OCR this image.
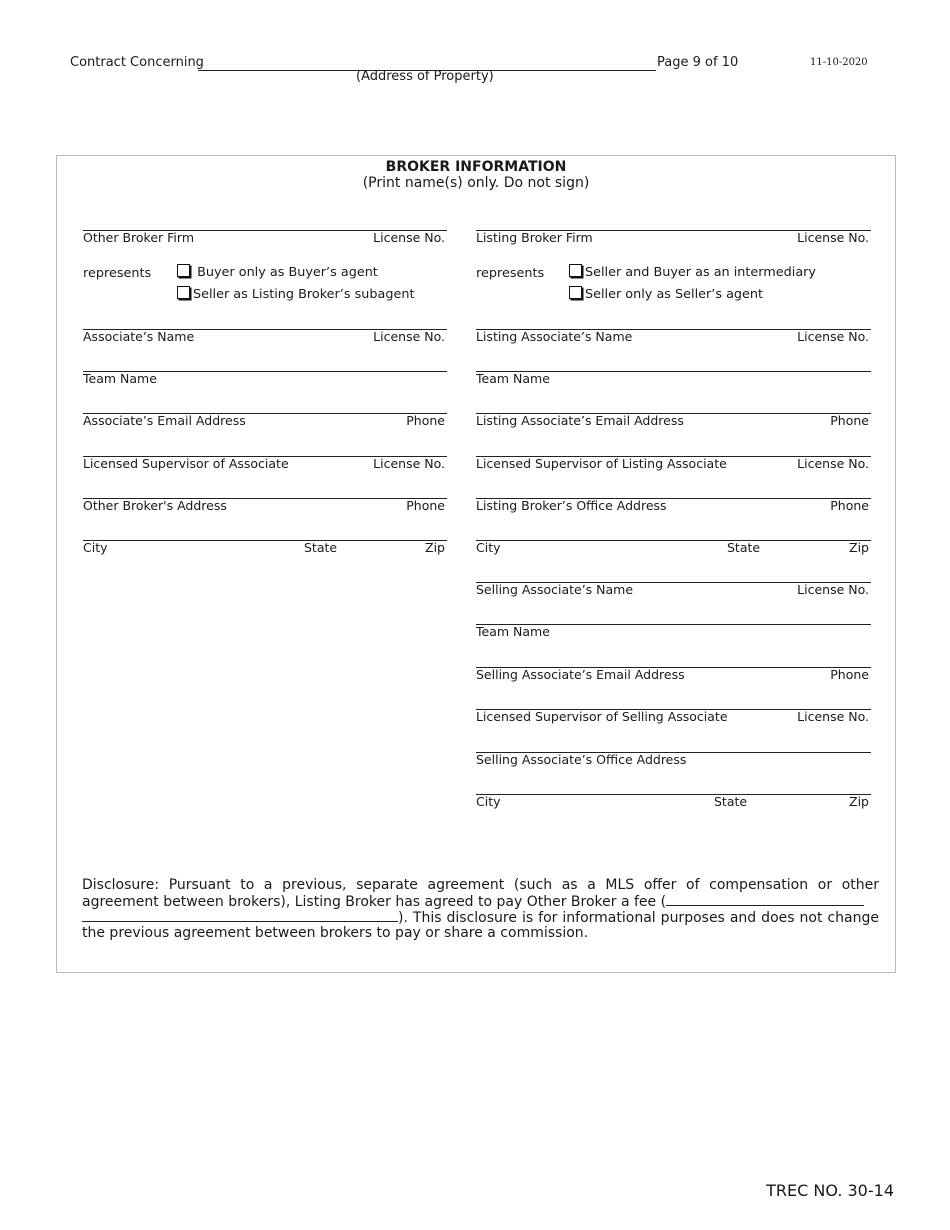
Contract Concerning
(Address of Property)
Page 9 of 10	11-10-2020
BROKER INFORMATION
(Print name(s) only. Do not sign)
Other Broker Firm	License No.
represents	Buyer only as Buyer’s agent
Seller as Listing Broker’s subagent
Associate’s Name	License No.
Team Name
Associate’s Email Address	Phone
Licensed Supervisor of Associate	License No.
Other Broker's Address	Phone
City	State	Zip
Listing Broker Firm	License No.
represents	Seller and Buyer as an intermediary
Seller only as Seller’s agent
Listing Associate’s Name	License No.
Team Name
Listing Associate’s Email Address	Phone
Licensed Supervisor of Listing Associate	License No.
Listing Broker’s Office Address	Phone
City	State	Zip
Selling Associate’s Name	License No.
Team Name
Selling Associate’s Email Address	Phone
Licensed Supervisor of Selling Associate	License No.
Selling Associate’s Office Address
City	State	Zip
Disclosure: Pursuant to a previous, separate agreement (such as a MLS offer of compensation or other agreement between brokers), Listing Broker has agreed to pay Other Broker a fee (
). This disclosure is for informational purposes and does not change the previous agreement between brokers to pay or share a commission.
TREC NO. 30-14
